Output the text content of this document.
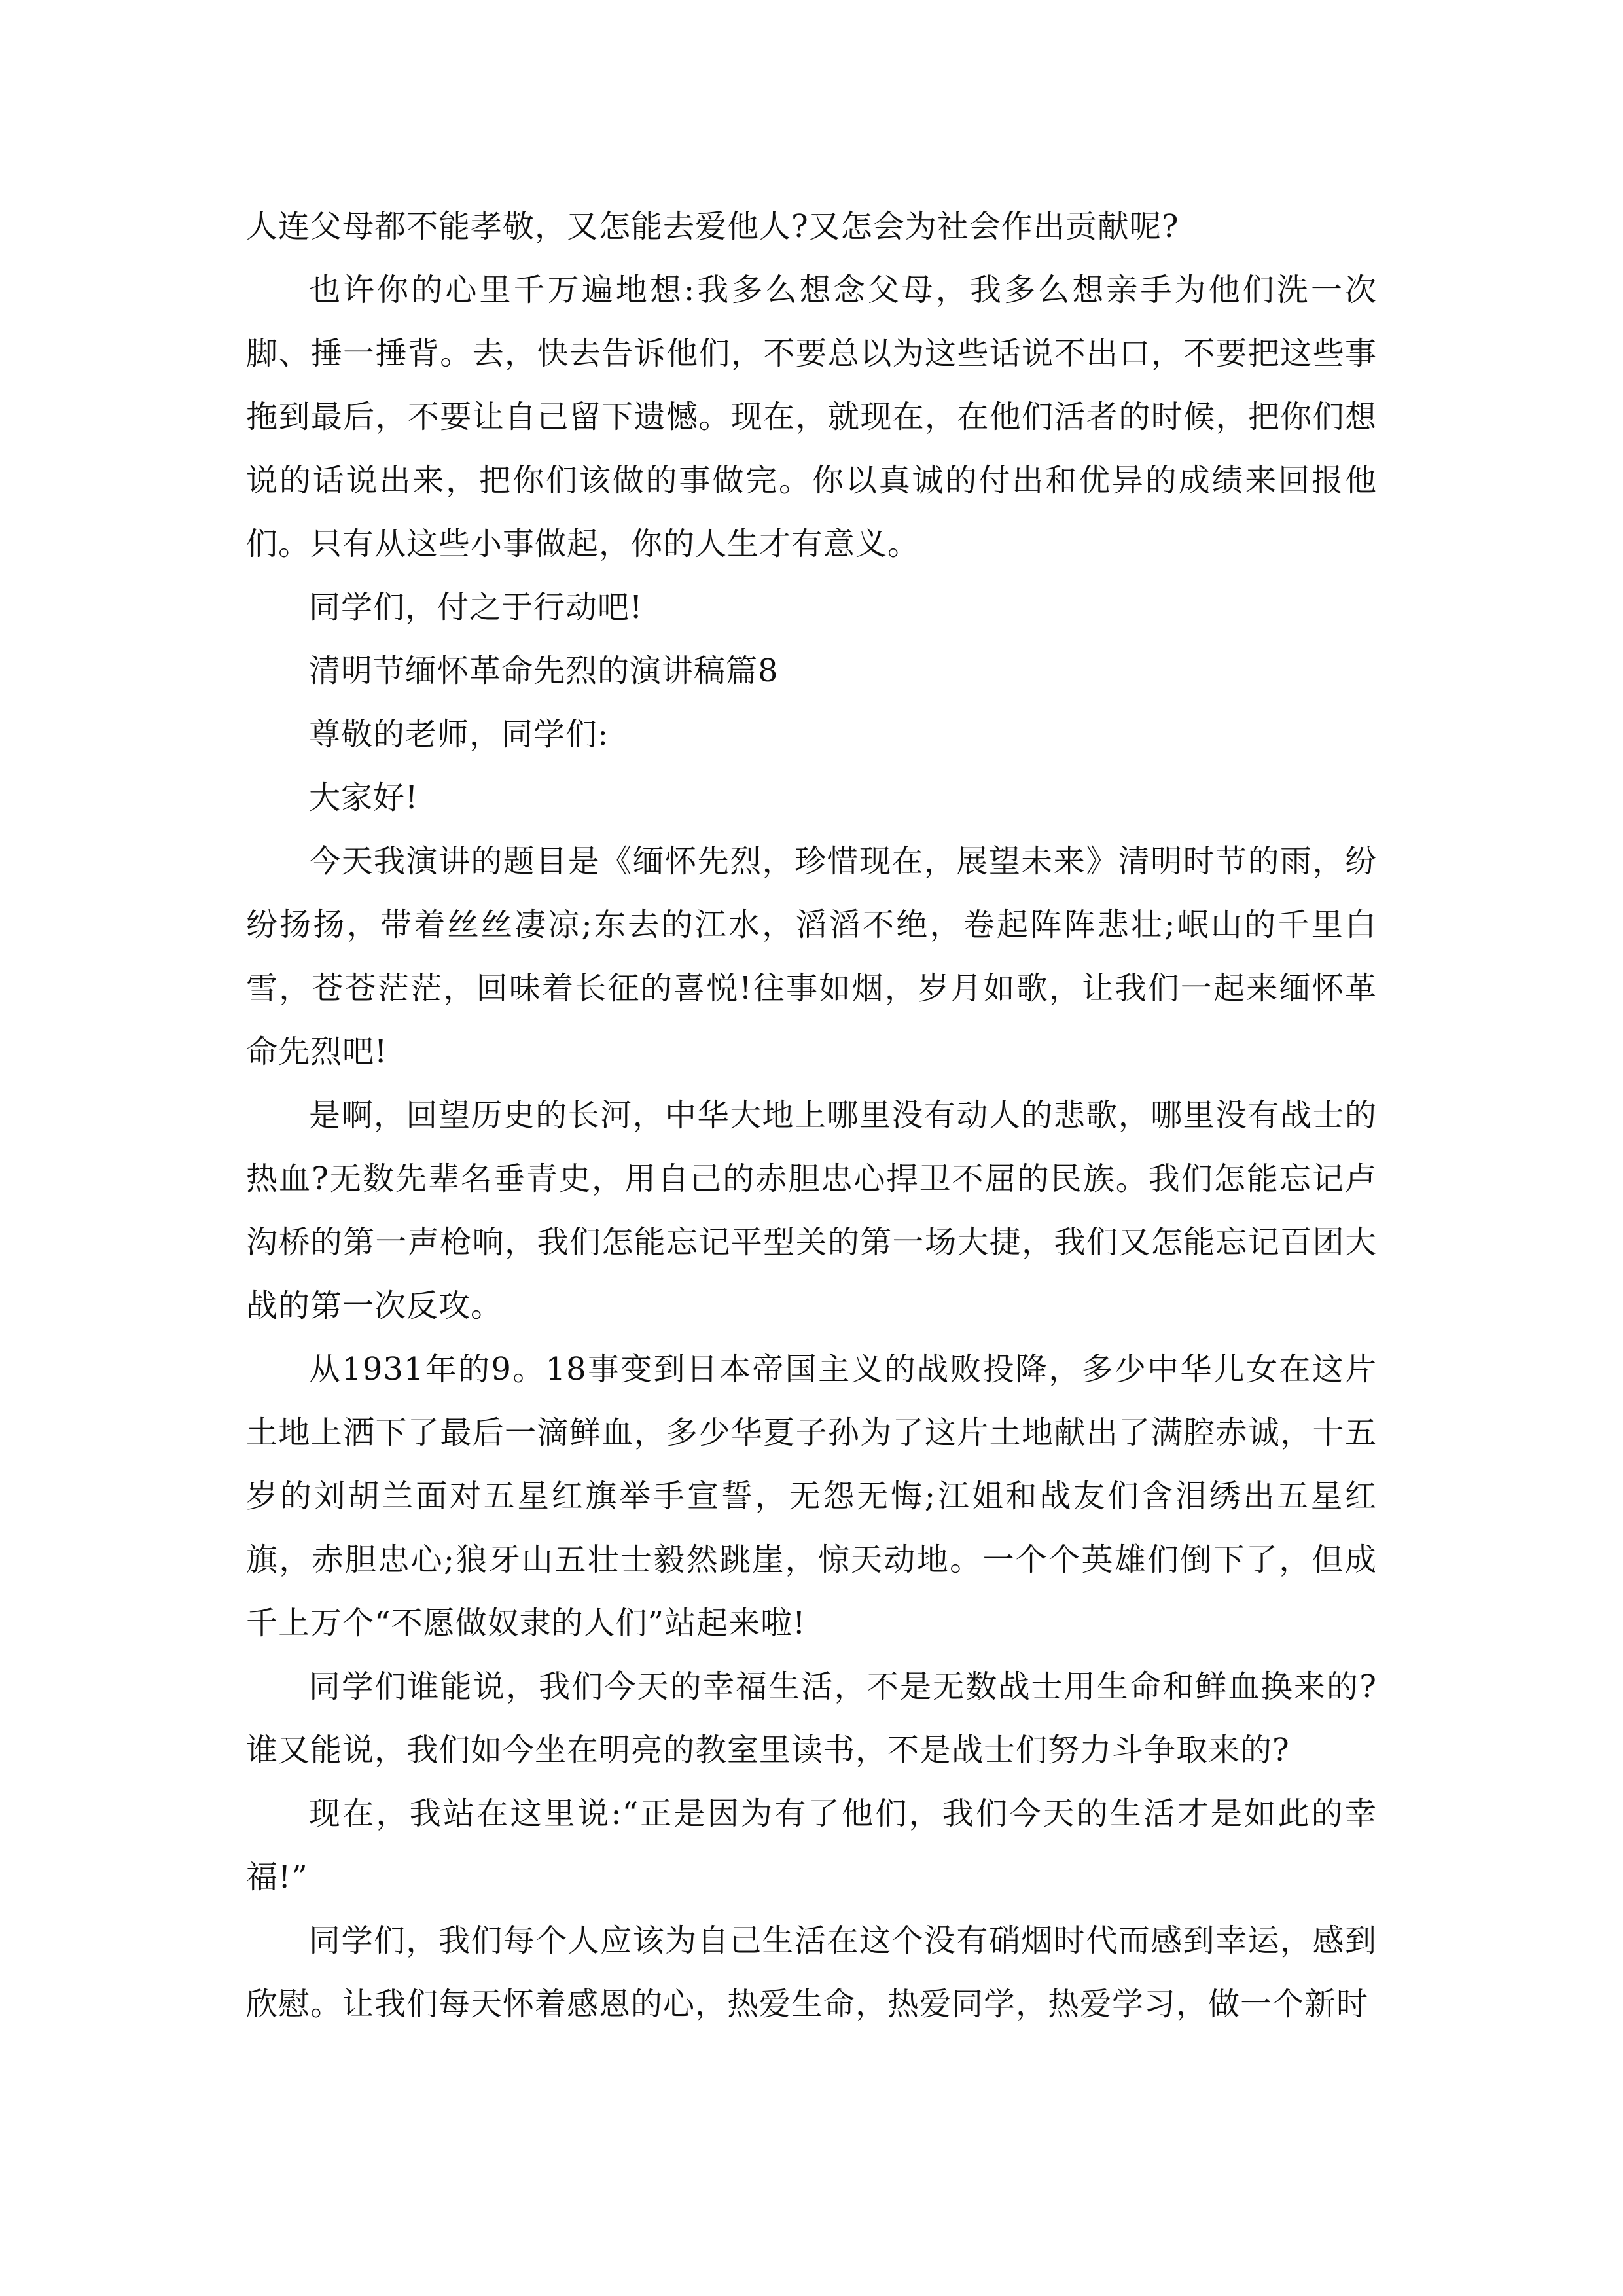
人连父母都不能孝敬，又怎能去爱他人?又怎会为社会作出贡献呢?

也许你的心里千万遍地想:我多么想念父母，我多么想亲手为他们洗一次脚、捶一捶背。去，快去告诉他们，不要总以为这些话说不出口，不要把这些事拖到最后，不要让自己留下遗憾。现在，就现在，在他们活者的时候，把你们想说的话说出来，把你们该做的事做完。你以真诚的付出和优异的成绩来回报他们。只有从这些小事做起，你的人生才有意义。

同学们，付之于行动吧!

清明节缅怀革命先烈的演讲稿篇8

尊敬的老师，同学们:

大家好!

今天我演讲的题目是《缅怀先烈，珍惜现在，展望未来》清明时节的雨，纷纷扬扬，带着丝丝凄凉;东去的江水，滔滔不绝，卷起阵阵悲壮;岷山的千里白雪，苍苍茫茫，回味着长征的喜悦!往事如烟，岁月如歌，让我们一起来缅怀革命先烈吧!

是啊，回望历史的长河，中华大地上哪里没有动人的悲歌，哪里没有战士的热血?无数先辈名垂青史，用自己的赤胆忠心捍卫不屈的民族。我们怎能忘记卢沟桥的第一声枪响，我们怎能忘记平型关的第一场大捷，我们又怎能忘记百团大战的第一次反攻。

从1931年的9。18事变到日本帝国主义的战败投降，多少中华儿女在这片土地上洒下了最后一滴鲜血，多少华夏子孙为了这片土地献出了满腔赤诚，十五岁的刘胡兰面对五星红旗举手宣誓，无怨无悔;江姐和战友们含泪绣出五星红旗，赤胆忠心;狼牙山五壮士毅然跳崖，惊天动地。一个个英雄们倒下了，但成千上万个“不愿做奴隶的人们”站起来啦!

同学们谁能说，我们今天的幸福生活，不是无数战士用生命和鲜血换来的?谁又能说，我们如今坐在明亮的教室里读书，不是战士们努力斗争取来的?

现在，我站在这里说:“正是因为有了他们，我们今天的生活才是如此的幸福!”

同学们，我们每个人应该为自己生活在这个没有硝烟时代而感到幸运，感到欣慰。让我们每天怀着感恩的心，热爱生命，热爱同学，热爱学习，做一个新时
